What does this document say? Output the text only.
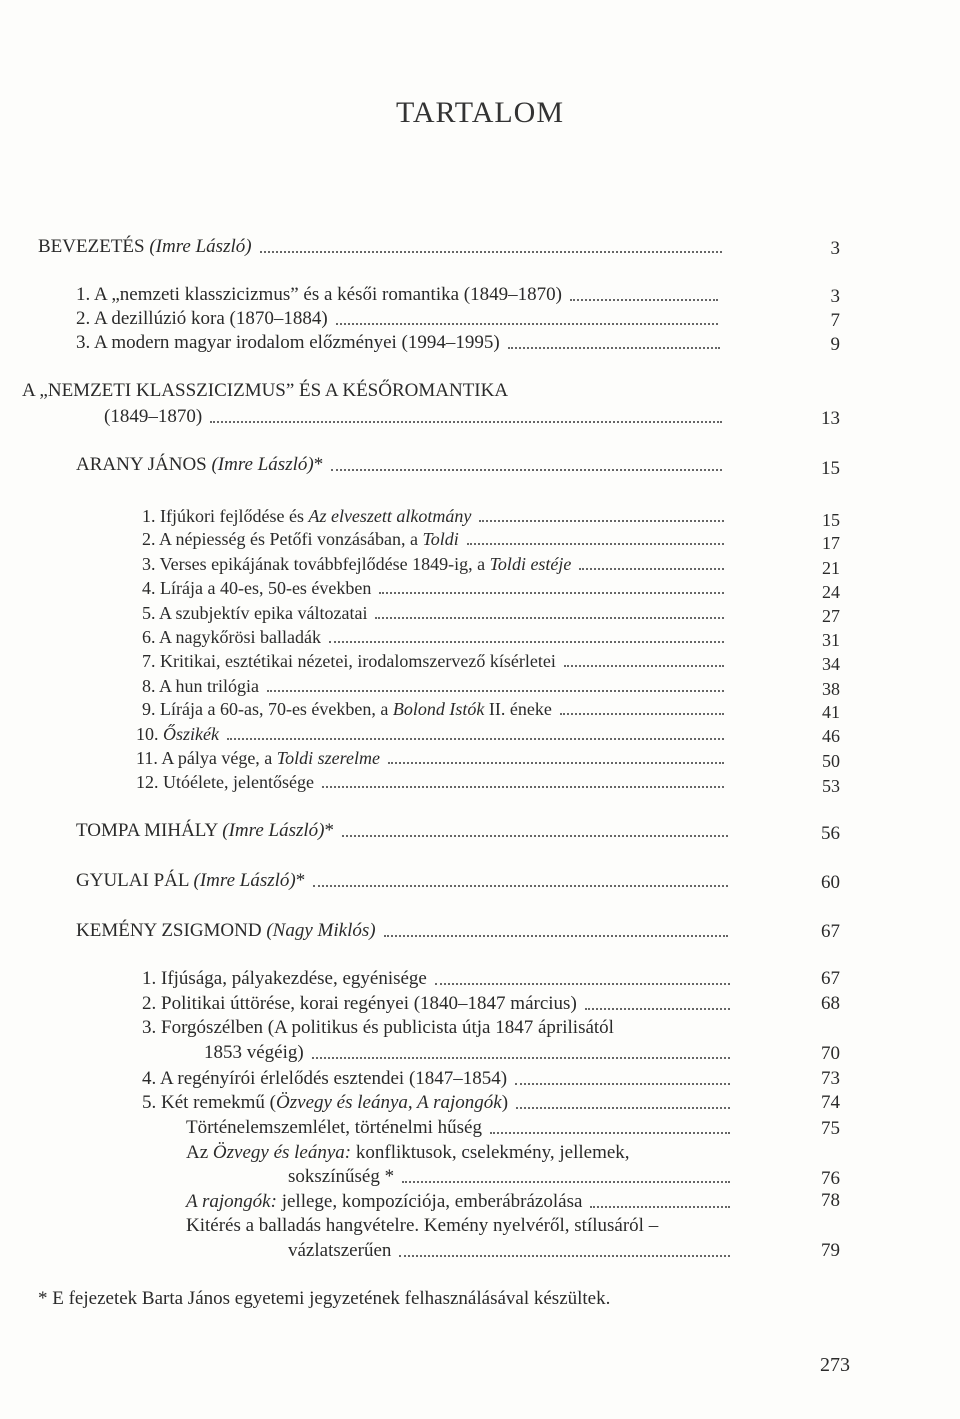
TARTALOM
BEVEZETÉS (Imre László)	3
1. A „nemzeti klasszicizmus” és a késői romantika (1849–1870)	3
2. A dezillúzió kora (1870–1884)	7
3. A modern magyar irodalom előzményei (1994–1995)	9
A „NEMZETI KLASSZICIZMUS” ÉS A KÉSŐROMANTIKA
(1849–1870)	13
ARANY JÁNOS (Imre László)*	15
1. Ifjúkori fejlődése és Az elveszett alkotmány	15
2. A népiesség és Petőfi vonzásában, a Toldi	17
3. Verses epikájának továbbfejlődése 1849-ig, a Toldi estéje	21
4. Lírája a 40-es, 50-es években	24
5. A szubjektív epika változatai	27
6. A nagykőrösi balladák	31
7. Kritikai, esztétikai nézetei, irodalomszervező kísérletei	34
8. A hun trilógia	38
9. Lírája a 60-as, 70-es években, a Bolond Istók II. éneke	41
10. Őszikék	46
11. A pálya vége, a Toldi szerelme	50
12. Utóélete, jelentősége	53
TOMPA MIHÁLY (Imre László)*	56
GYULAI PÁL (Imre László)*	60
KEMÉNY ZSIGMOND (Nagy Miklós)	67
1. Ifjúsága, pályakezdése, egyénisége	67
2. Politikai úttörése, korai regényei (1840–1847 március)	68
3. Forgószélben (A politikus és publicista útja 1847 áprilisától
1853 végéig)	70
4. A regényírói érlelődés esztendei (1847–1854)	73
5. Két remekmű (Özvegy és leánya, A rajongók)	74
Történelemszemlélet, történelmi hűség	75
Az Özvegy és leánya: konfliktusok, cselekmény, jellemek,
sokszínűség *	76
A rajongók: jellege, kompozíciója, emberábrázolása	78
Kitérés a balladás hangvételre. Kemény nyelvéről, stílusáról –
vázlatszerűen	79
* E fejezetek Barta János egyetemi jegyzetének felhasználásával készültek.
273
